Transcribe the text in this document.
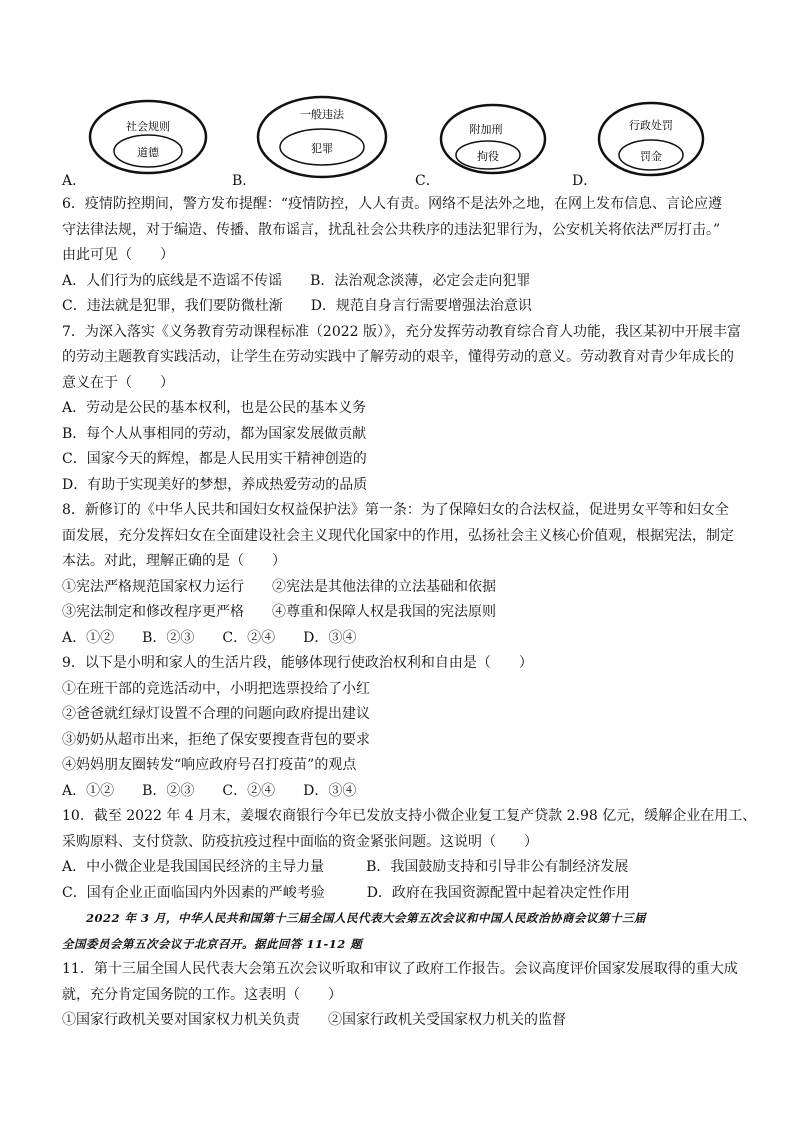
A．
社会规则
道德
B．
一般违法
犯罪
C．
附加刑
拘役
D．
行政处罚
罚金
6．疫情防控期间，警方发布提醒：“疫情防控，人人有责。网络不是法外之地，在网上发布信息、言论应遵
守法律法规，对于编造、传播、散布谣言，扰乱社会公共秩序的违法犯罪行为，公安机关将依法严厉打击。”
由此可见（　　）
A．人们行为的底线是不造谣不传谣　　B．法治观念淡薄，必定会走向犯罪
C．违法就是犯罪，我们要防微杜渐　　D．规范自身言行需要增强法治意识
7．为深入落实《义务教育劳动课程标准（2022 版）》，充分发挥劳动教育综合育人功能，我区某初中开展丰富
的劳动主题教育实践活动，让学生在劳动实践中了解劳动的艰辛，懂得劳动的意义。劳动教育对青少年成长的
意义在于（　　）
A．劳动是公民的基本权利，也是公民的基本义务
B．每个人从事相同的劳动，都为国家发展做贡献
C．国家今天的辉煌，都是人民用实干精神创造的
D．有助于实现美好的梦想，养成热爱劳动的品质
8．新修订的《中华人民共和国妇女权益保护法》第一条：为了保障妇女的合法权益，促进男女平等和妇女全
面发展，充分发挥妇女在全面建设社会主义现代化国家中的作用，弘扬社会主义核心价值观，根据宪法，制定
本法。对此，理解正确的是（　　）
①宪法严格规范国家权力运行　　②宪法是其他法律的立法基础和依据
③宪法制定和修改程序更严格　　④尊重和保障人权是我国的宪法原则
A．①②　　B．②③　　C．②④　　D．③④
9．以下是小明和家人的生活片段，能够体现行使政治权利和自由是（　　）
①在班干部的竞选活动中，小明把选票投给了小红
②爸爸就红绿灯设置不合理的问题向政府提出建议
③奶奶从超市出来，拒绝了保安要搜查背包的要求
④妈妈朋友圈转发“响应政府号召打疫苗”的观点
A．①②　　B．②③　　C．②④　　D．③④
10．截至 2022 年 4 月末，姜堰农商银行今年已发放支持小微企业复工复产贷款 2.98 亿元，缓解企业在用工、
采购原料、支付贷款、防疫抗疫过程中面临的资金紧张问题。这说明（　　）
A．中小微企业是我国国民经济的主导力量　　　B．我国鼓励支持和引导非公有制经济发展
C．国有企业正面临国内外因素的严峻考验　　　D．政府在我国资源配置中起着决定性作用
　　2022 年 3 月，中华人民共和国第十三届全国人民代表大会第五次会议和中国人民政治协商会议第十三届
全国委员会第五次会议于北京召开。据此回答 11-12 题
11．第十三届全国人民代表大会第五次会议听取和审议了政府工作报告。会议高度评价国家发展取得的重大成
就，充分肯定国务院的工作。这表明（　　）
①国家行政机关要对国家权力机关负责　　②国家行政机关受国家权力机关的监督
